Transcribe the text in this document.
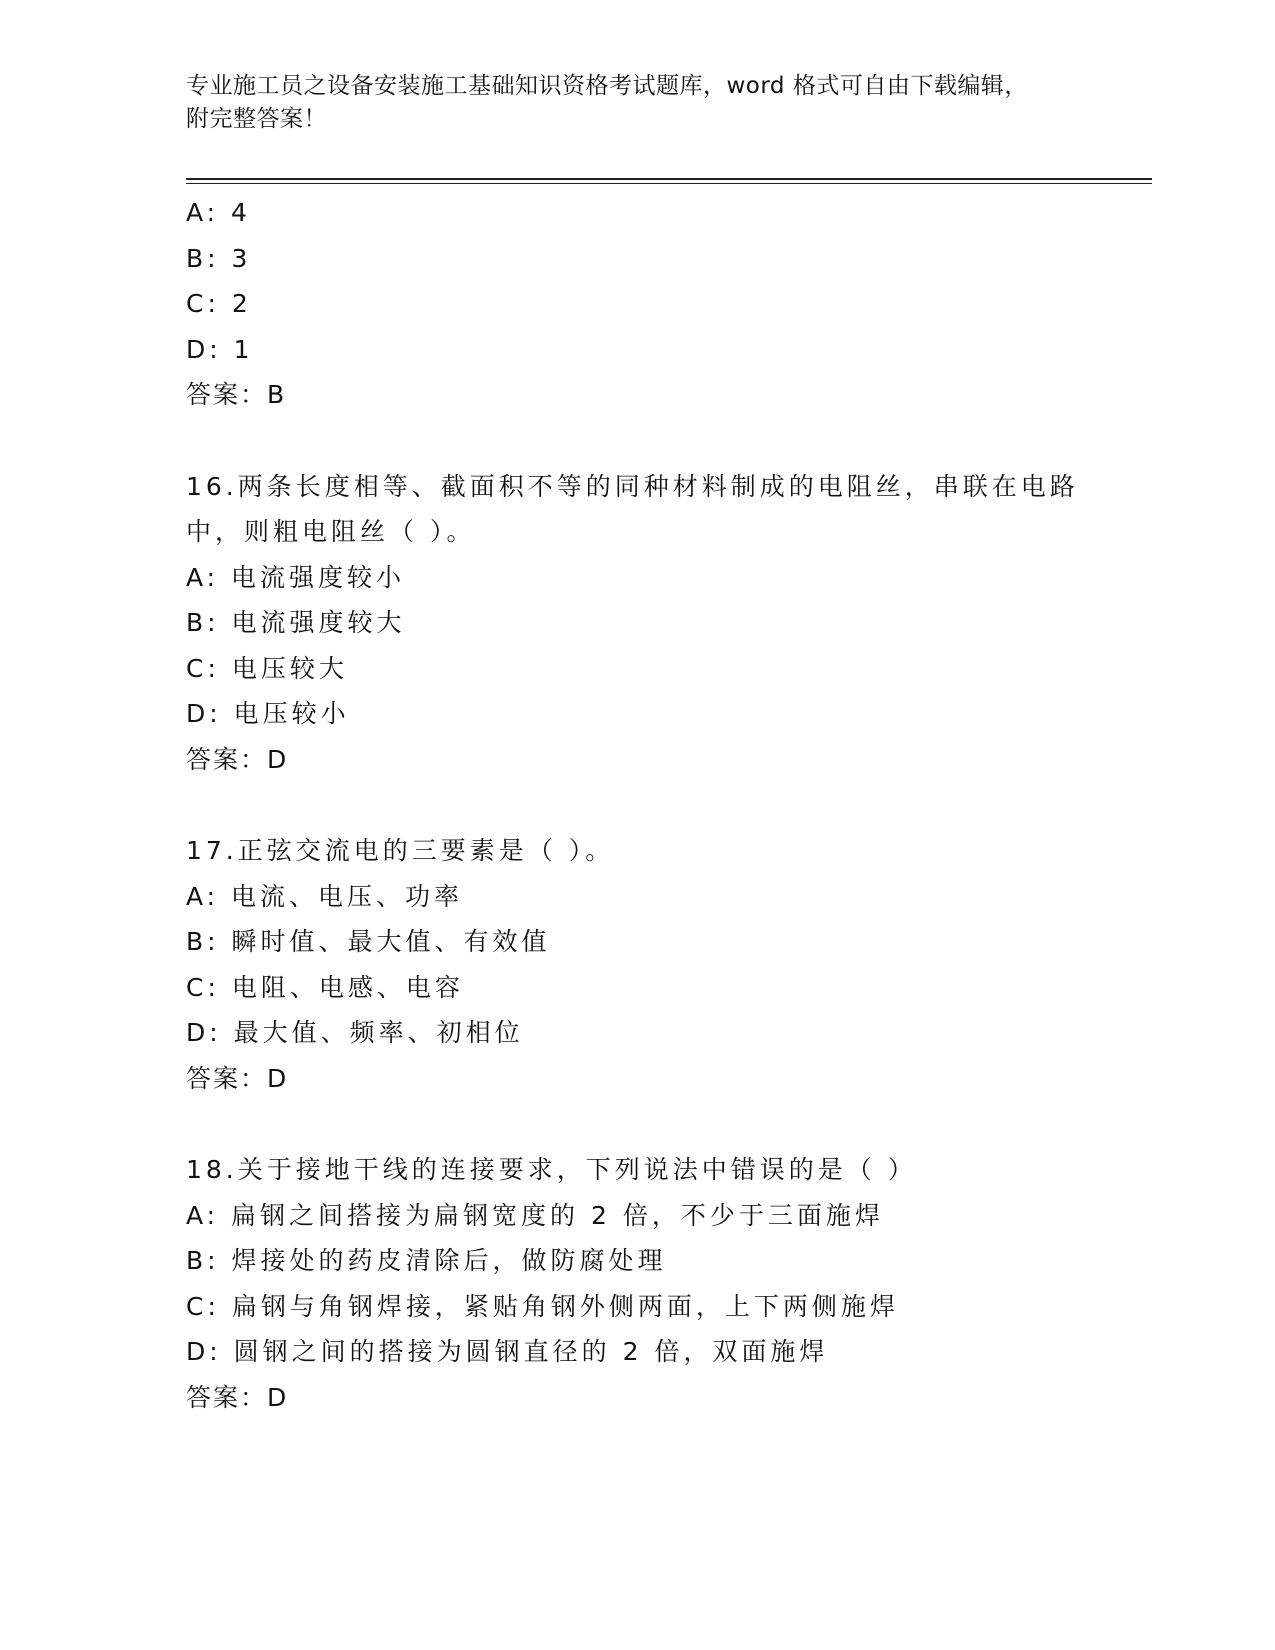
专业施工员之设备安装施工基础知识资格考试题库，word 格式可自由下载编辑，
附完整答案！
A: 4
B: 3
C: 2
D: 1
答案：B
16.两条长度相等、截面积不等的同种材料制成的电阻丝，串联在电路
中，则粗电阻丝（ ）。
A: 电流强度较小
B: 电流强度较大
C: 电压较大
D: 电压较小
答案：D
17.正弦交流电的三要素是（ ）。
A: 电流、电压、功率
B: 瞬时值、最大值、有效值
C: 电阻、电感、电容
D: 最大值、频率、初相位
答案：D
18.关于接地干线的连接要求，下列说法中错误的是（ ）
A: 扁钢之间搭接为扁钢宽度的 2 倍，不少于三面施焊
B: 焊接处的药皮清除后，做防腐处理
C: 扁钢与角钢焊接，紧贴角钢外侧两面，上下两侧施焊
D: 圆钢之间的搭接为圆钢直径的 2 倍，双面施焊
答案：D
